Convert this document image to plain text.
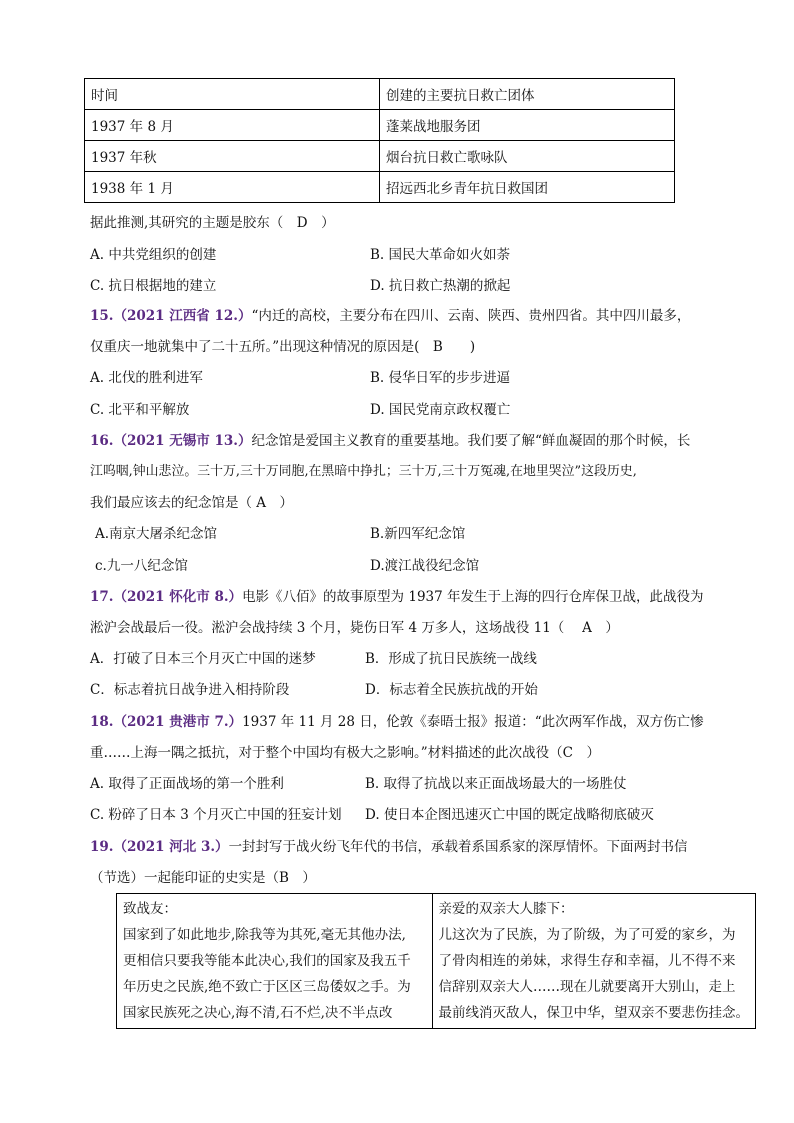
时间	创建的主要抗日救亡团体
1937 年 8 月	蓬莱战地服务团
1937 年秋	烟台抗日救亡歌咏队
1938 年 1 月	招远西北乡青年抗日救国团
据此推测,其研究的主题是胶东（　D　）
A. 中共党组织的创建	B. 国民大革命如火如荼
C. 抗日根据地的建立	D. 抗日救亡热潮的掀起
15.（2021 江西省 12.）“内迁的高校，主要分布在四川、云南、陕西、贵州四省。其中四川最多，
仅重庆一地就集中了二十五所。”出现这种情况的原因是(　B　　)
A. 北伐的胜利进军	B. 侵华日军的步步进逼
C. 北平和平解放	D. 国民党南京政权覆亡
16.（2021 无锡市 13.）纪念馆是爱国主义教育的重要基地。我们要了解“鲜血凝固的那个时候，长
江呜咽,钟山悲泣。三十万,三十万同胞,在黑暗中挣扎；三十万,三十万冤魂,在地里哭泣”这段历史,
我们最应该去的纪念馆是（ A　）
A.南京大屠杀纪念馆	B.新四军纪念馆
c.九一八纪念馆	D.渡江战役纪念馆
17.（2021 怀化市 8.）电影《八佰》的故事原型为 1937 年发生于上海的四行仓库保卫战，此战役为
淞沪会战最后一役。淞沪会战持续 3 个月，毙伤日军 4 万多人，这场战役 11（　 A　）
A．打破了日本三个月灭亡中国的迷梦	B．形成了抗日民族统一战线
C．标志着抗日战争进入相持阶段	D．标志着全民族抗战的开始
18.（2021 贵港市 7.）1937 年 11 月 28 日，伦敦《泰晤士报》报道：“此次两军作战，双方伤亡惨
重……上海一隅之抵抗，对于整个中国均有极大之影响。”材料描述的此次战役（C　）
A. 取得了正面战场的第一个胜利	B. 取得了抗战以来正面战场最大的一场胜仗
C. 粉碎了日本 3 个月灭亡中国的狂妄计划 D. 使日本企图迅速灭亡中国的既定战略彻底破灭
19.（2021 河北 3.）一封封写于战火纷飞年代的书信，承载着系国系家的深厚情怀。下面两封书信
（节选）一起能印证的史实是（B　）
致战友：
国家到了如此地步,除我等为其死,毫无其他办法,
更相信只要我等能本此决心,我们的国家及我五千
年历史之民族,绝不致亡于区区三岛倭奴之手。为
国家民族死之决心,海不清,石不烂,决不半点改

亲爱的双亲大人膝下：
儿这次为了民族，为了阶级，为了可爱的家乡，为
了骨肉相连的弟妹，求得生存和幸福，儿不得不来
信辞别双亲大人……现在儿就要离开大别山，走上
最前线消灭敌人，保卫中华，望双亲不要悲伤挂念。
